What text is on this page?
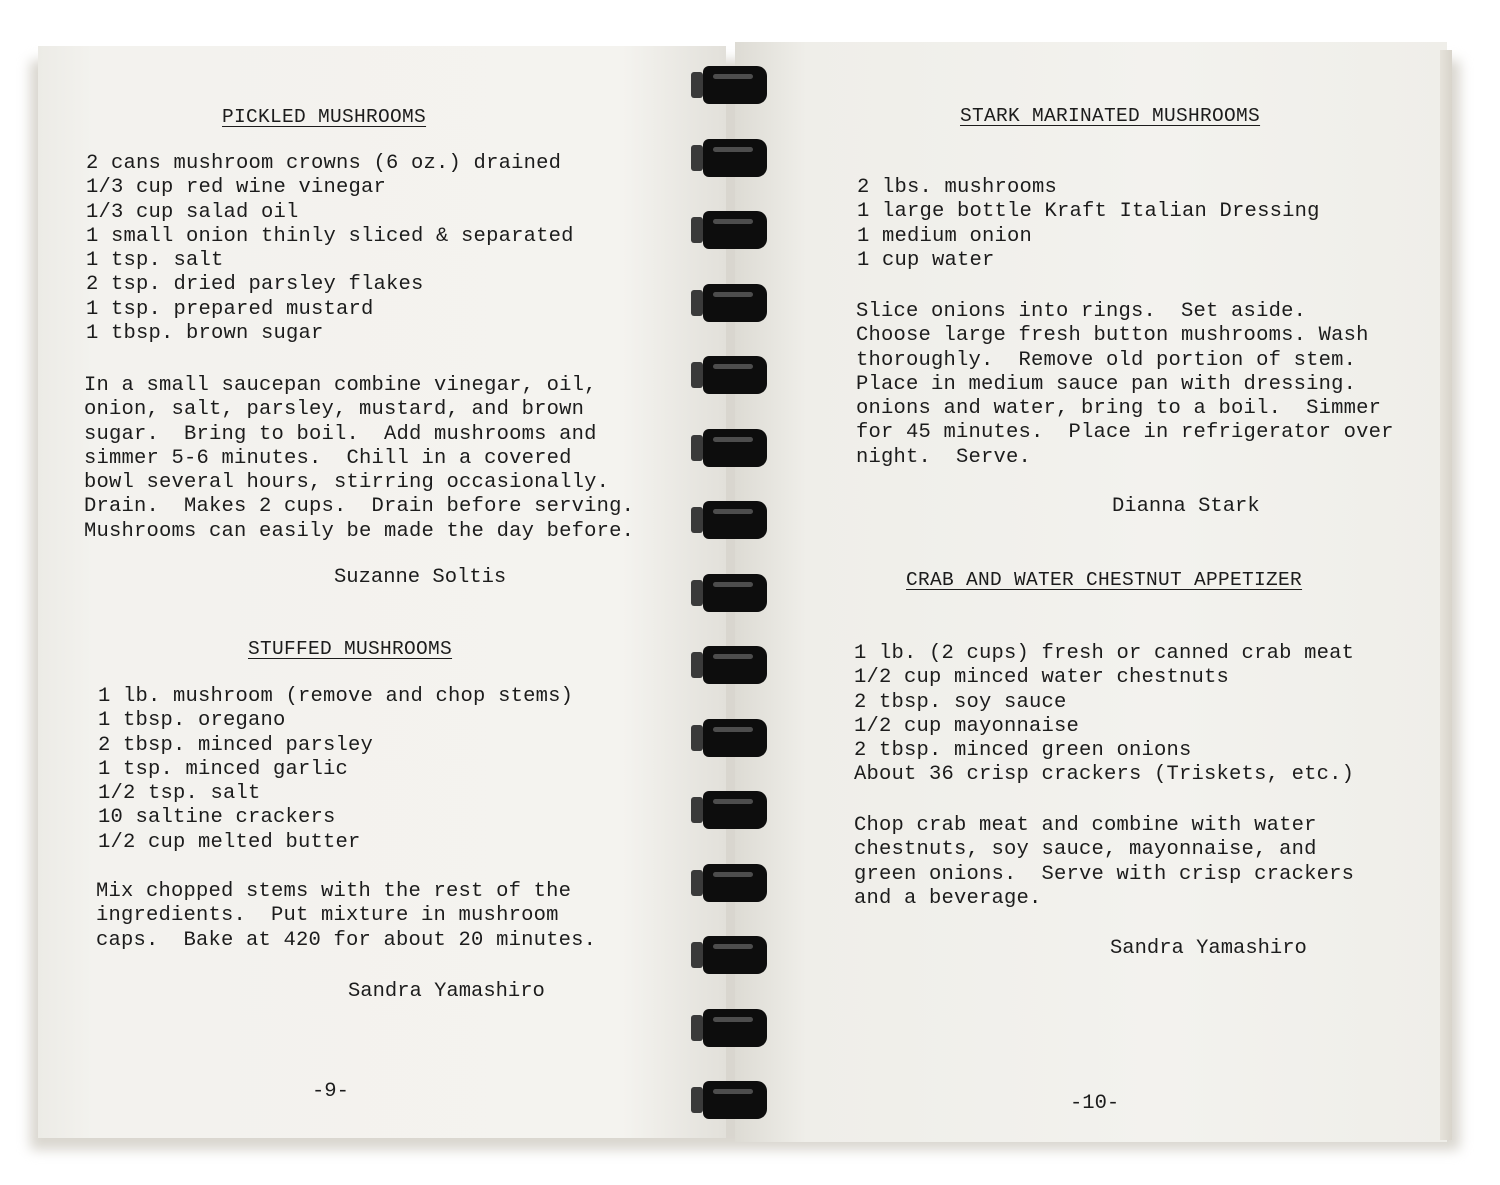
PICKLED MUSHROOMS
2 cans mushroom crowns (6 oz.) drained
1/3 cup red wine vinegar
1/3 cup salad oil
1 small onion thinly sliced & separated
1 tsp. salt
2 tsp. dried parsley flakes
1 tsp. prepared mustard
1 tbsp. brown sugar
In a small saucepan combine vinegar, oil,
onion, salt, parsley, mustard, and brown
sugar.  Bring to boil.  Add mushrooms and
simmer 5-6 minutes.  Chill in a covered
bowl several hours, stirring occasionally.
Drain.  Makes 2 cups.  Drain before serving.
Mushrooms can easily be made the day before.
Suzanne Soltis
STUFFED MUSHROOMS
1 lb. mushroom (remove and chop stems)
1 tbsp. oregano
2 tbsp. minced parsley
1 tsp. minced garlic
1/2 tsp. salt
10 saltine crackers
1/2 cup melted butter
Mix chopped stems with the rest of the
ingredients.  Put mixture in mushroom
caps.  Bake at 420 for about 20 minutes.
Sandra Yamashiro
-9-
STARK MARINATED MUSHROOMS
2 lbs. mushrooms
1 large bottle Kraft Italian Dressing
1 medium onion
1 cup water
Slice onions into rings.  Set aside.
Choose large fresh button mushrooms. Wash
thoroughly.  Remove old portion of stem.
Place in medium sauce pan with dressing.
onions and water, bring to a boil.  Simmer
for 45 minutes.  Place in refrigerator over
night.  Serve.
Dianna Stark
CRAB AND WATER CHESTNUT APPETIZER
1 lb. (2 cups) fresh or canned crab meat
1/2 cup minced water chestnuts
2 tbsp. soy sauce
1/2 cup mayonnaise
2 tbsp. minced green onions
About 36 crisp crackers (Triskets, etc.)
Chop crab meat and combine with water
chestnuts, soy sauce, mayonnaise, and
green onions.  Serve with crisp crackers
and a beverage.
Sandra Yamashiro
-10-
